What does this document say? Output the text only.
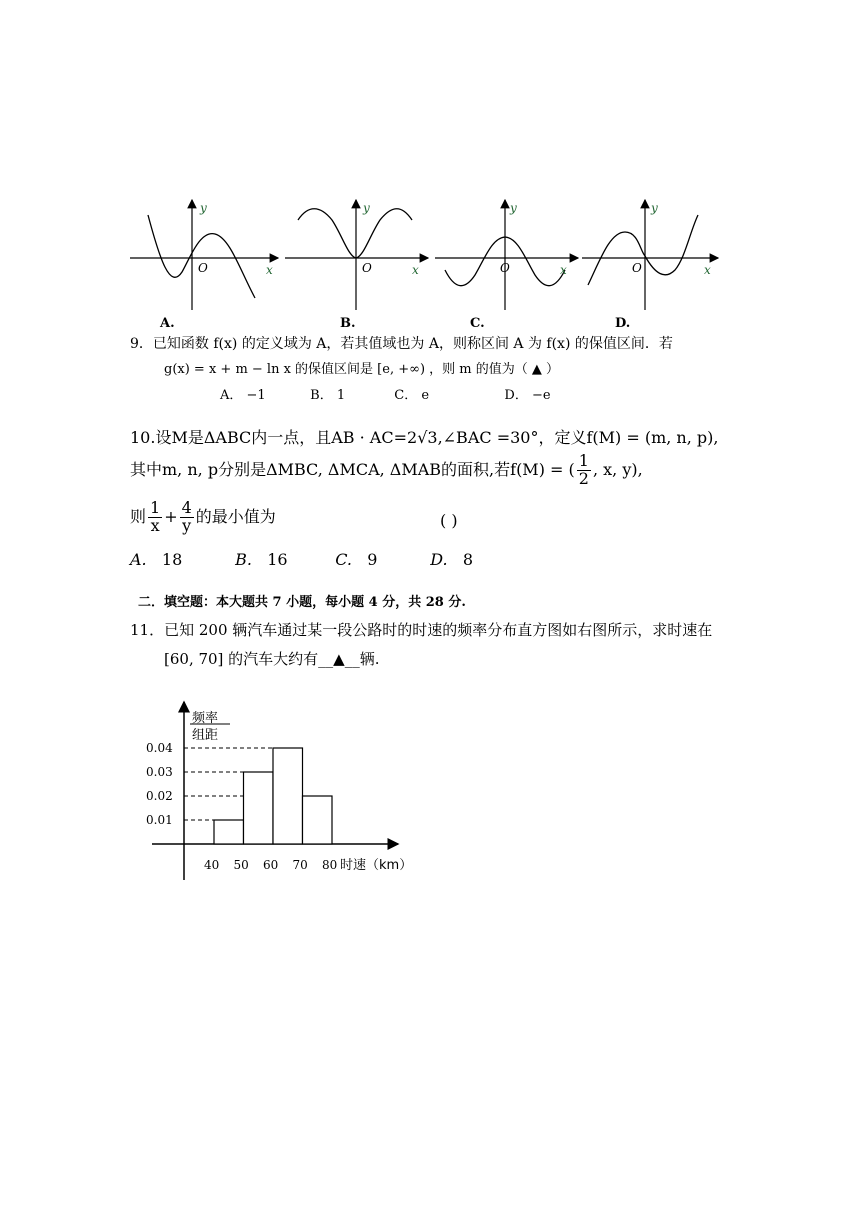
O	x
y
O	x
y
O	x
y
O	x
y
A.	B.	C.	D.
9．已知函数 f(x) 的定义域为 A，若其值域也为 A，则称区间 A 为 f(x) 的保值区间．若
g(x) = x + m − ln x 的保值区间是 [e, +∞) ，则 m 的值为（ ▲ ）
A． −1	B． 1	C． e	D． −e
10.设M是ΔABC内一点，且AB · AC=2√3,∠BAC =30°，定义f(M) = (m, n, p),
其中m, n, p分别是ΔMBC, ΔMCA, ΔMAB的面积,若f(M) = ( $\frac{1}{2}$ , x, y),
则 $\frac{1}{x} + \frac{4}{y}$ 的最小值为	( )
A. 18	B. 16	C. 9	D. 8
二．填空题：本大题共 7 小题，每小题 4 分，共 28 分.
11．已知 200 辆汽车通过某一段公路时的时速的频率分布直方图如右图所示，求时速在
[60, 70] 的汽车大约有__▲__辆.
频率
组距
0.01
0.02
0.03
0.04
40 50 60 70 80 时速（km）
